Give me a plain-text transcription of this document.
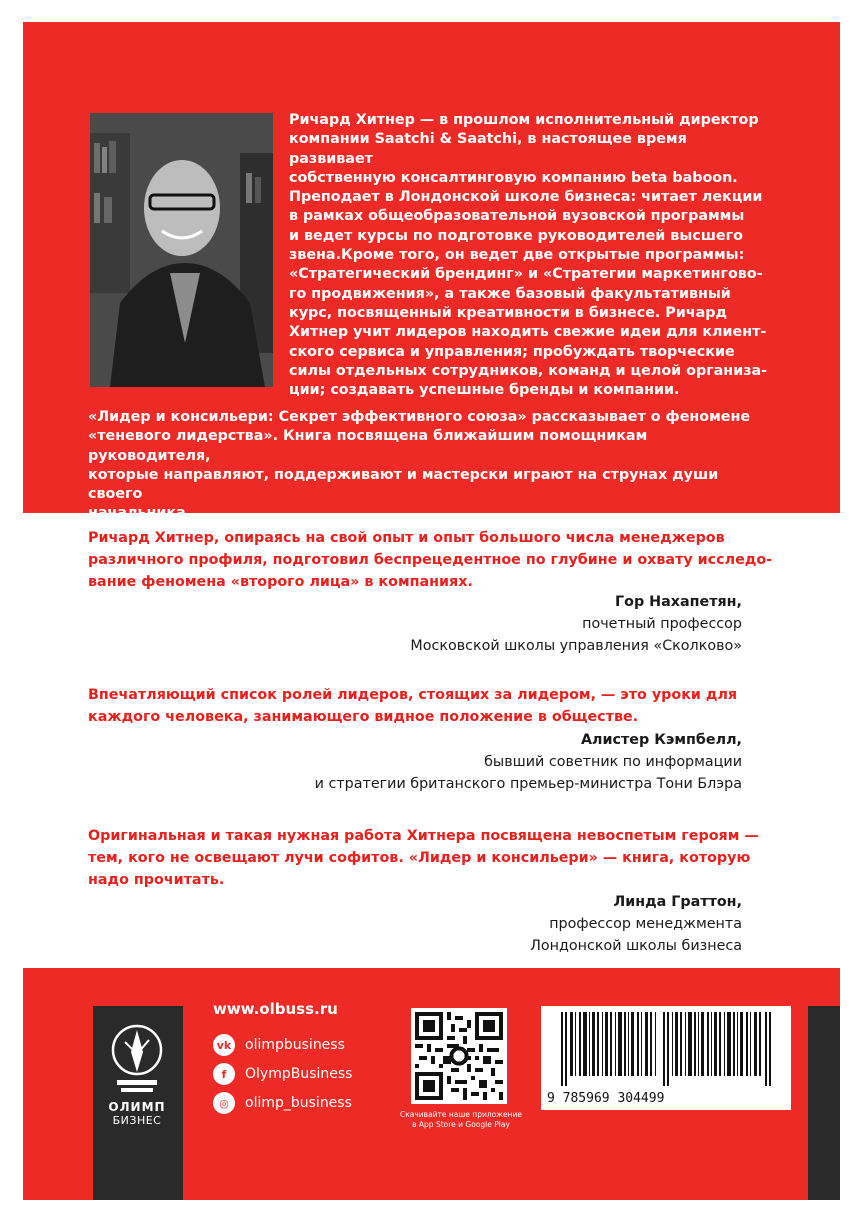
Ричард Хитнер — в прошлом исполнительный директор
компании Saatchi & Saatchi, в настоящее время развивает
собственную консалтинговую компанию beta baboon.
Преподает в Лондонской школе бизнеса: читает лекции
в рамках общеобразовательной вузовской программы
и ведет курсы по подготовке руководителей высшего
звена.Кроме того, он ведет две открытые программы:
«Стратегический брендинг» и «Стратегии маркетингово-
го продвижения», а также базовый факультативный
курс, посвященный креативности в бизнесе. Ричард
Хитнер учит лидеров находить свежие идеи для клиент-
ского сервиса и управления; пробуждать творческие
силы отдельных сотрудников, команд и целой организа-
ции; создавать успешные бренды и компании.
«Лидер и консильери: Секрет эффективного союза» рассказывает о феномене
«теневого лидерства». Книга посвящена ближайшим помощникам руководителя,
которые направляют, поддерживают и мастерски играют на струнах души своего

Ричард Хитнер, опираясь на свой опыт и опыт большого числа менеджеров
различного профиля, подготовил беспрецедентное по глубине и охвату исследо-
вание феномена «второго лица» в компаниях.
Гор Нахапетян,
почетный профессор
Московской школы управления «Сколково»
Впечатляющий список ролей лидеров, стоящих за лидером, — это уроки для
каждого человека, занимающего видное положение в обществе.
Алистер Кэмпбелл,
бывший советник по информации
и стратегии британского премьер-министра Тони Блэра
Оригинальная и такая нужная работа Хитнера посвящена невоспетым героям —
тем, кого не освещают лучи софитов. «Лидер и консильери» — книга, которую
надо прочитать.
Линда Граттон,
профессор менеджмента
Лондонской школы бизнеса
ОЛИМП
БИЗНЕС
www.olbuss.ru
vk olimpbusiness
f	OlympBusiness
◎	olimp_business
Скачивайте наше приложение
в App Store и Google Play
9 785969 304499
